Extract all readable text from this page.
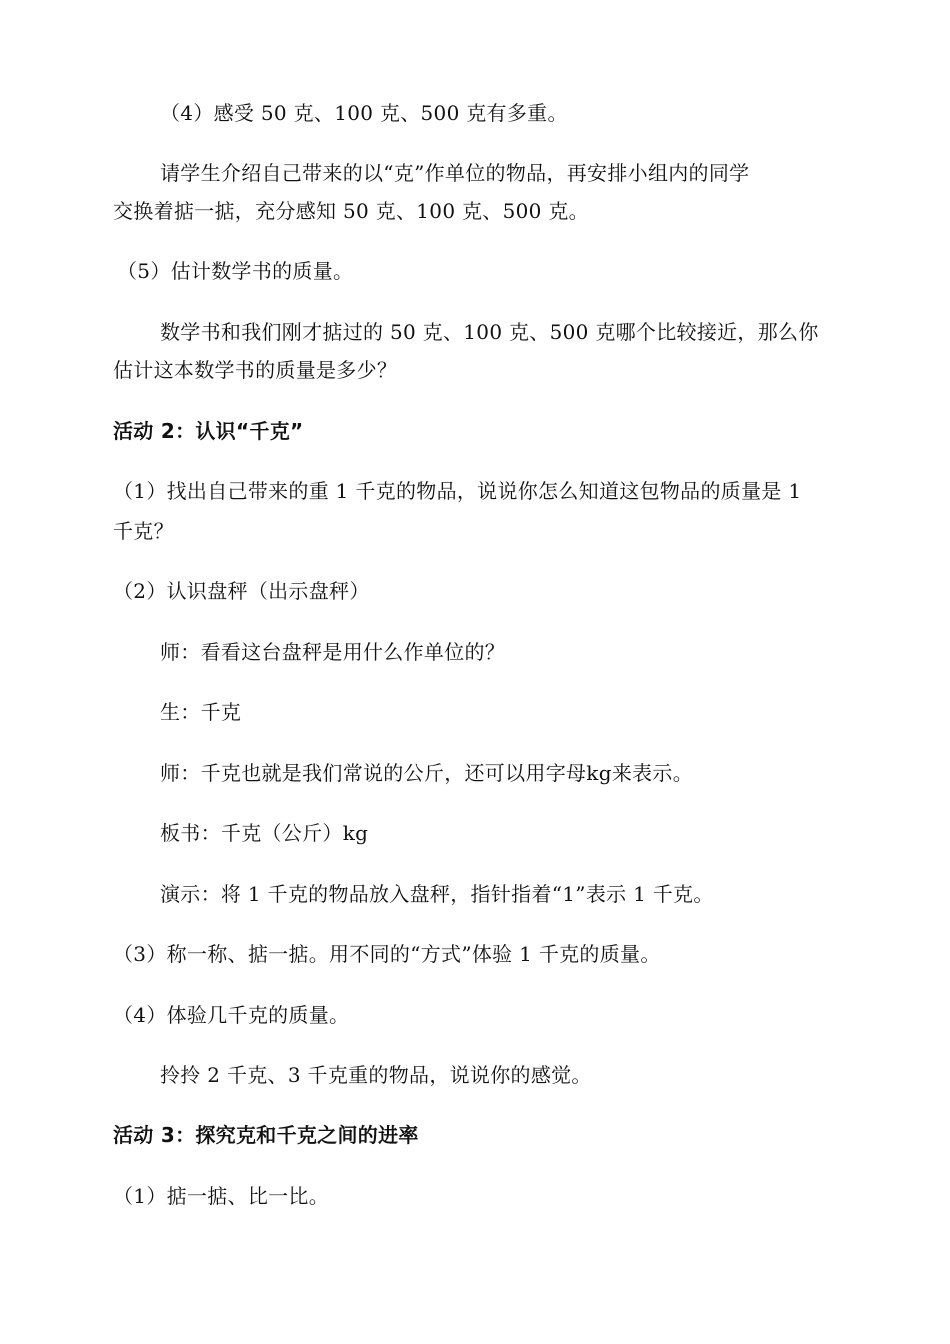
（4）感受 50 克、100 克、500 克有多重。
请学生介绍自己带来的以“克”作单位的物品，再安排小组内的同学
交换着掂一掂，充分感知 50 克、100 克、500 克。
（5）估计数学书的质量。
数学书和我们刚才掂过的 50 克、100 克、500 克哪个比较接近，那么你
估计这本数学书的质量是多少？
活动 2：认识“千克”
（1）找出自己带来的重 1 千克的物品，说说你怎么知道这包物品的质量是 1
千克？
（2）认识盘秤（出示盘秤）
师：看看这台盘秤是用什么作单位的？
生：千克
师：千克也就是我们常说的公斤，还可以用字母kg来表示。
板书：千克（公斤）kg
演示：将 1 千克的物品放入盘秤，指针指着“1”表示 1 千克。
（3）称一称、掂一掂。用不同的“方式”体验 1 千克的质量。
（4）体验几千克的质量。
拎拎 2 千克、3 千克重的物品，说说你的感觉。
活动 3：探究克和千克之间的进率
（1）掂一掂、比一比。
